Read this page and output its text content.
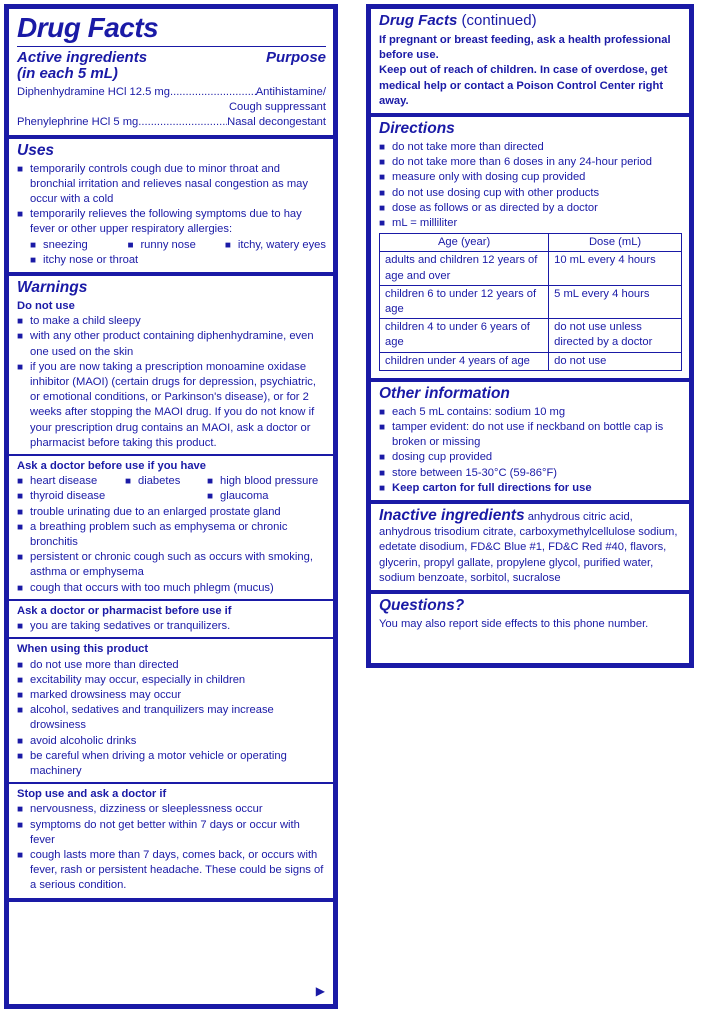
Drug Facts
Active ingredients	Purpose
(in each 5 mL)
Diphenhydramine HCl 12.5 mg .....	Antihistamine/
Cough suppressant
Phenylephrine HCl 5 mg .....	Nasal decongestant
Uses
■ temporarily controls cough due to minor throat and bronchial irritation and relieves nasal congestion as may occur with a cold
■ temporarily relieves the following symptoms due to hay fever or other upper respiratory allergies:
■ sneezing	■ runny nose	■ itchy, watery eyes
■ itchy nose or throat
Warnings
Do not use
■ to make a child sleepy
■ with any other product containing diphenhydramine, even one used on the skin
■ if you are now taking a prescription monoamine oxidase inhibitor (MAOI) (certain drugs for depression, psychiatric, or emotional conditions, or Parkinson's disease), or for 2 weeks after stopping the MAOI drug. If you do not know if your prescription drug contains an MAOI, ask a doctor or pharmacist before taking this product.
Ask a doctor before use if you have
■ heart disease	■ diabetes	■ high blood pressure
■ thyroid disease	■ glaucoma
■ trouble urinating due to an enlarged prostate gland
■ a breathing problem such as emphysema or chronic bronchitis
■ persistent or chronic cough such as occurs with smoking, asthma or emphysema
■ cough that occurs with too much phlegm (mucus)
Ask a doctor or pharmacist before use if
■ you are taking sedatives or tranquilizers.
When using this product
■ do not use more than directed
■ excitability may occur, especially in children
■ marked drowsiness may occur
■ alcohol, sedatives and tranquilizers may increase drowsiness
■ avoid alcoholic drinks
■ be careful when driving a motor vehicle or operating machinery
Stop use and ask a doctor if
■ nervousness, dizziness or sleeplessness occur
■ symptoms do not get better within 7 days or occur with fever
■ cough lasts more than 7 days, comes back, or occurs with fever, rash or persistent headache. These could be signs of a serious condition.
▶
Drug Facts (continued)
If pregnant or breast feeding, ask a health professional before use.
Keep out of reach of children. In case of overdose, get medical help or contact a Poison Control Center right away.
Directions
■ do not take more than directed
■ do not take more than 6 doses in any 24-hour period
■ measure only with dosing cup provided
■ do not use dosing cup with other products
■ dose as follows or as directed by a doctor
■ mL = milliliter
Age (year)	Dose (mL)
adults and children 12 years of age and over	10 mL every 4 hours
children 6 to under 12 years of age	5 mL every 4 hours
children 4 to under 6 years of age	do not use unless directed by a doctor
children under 4 years of age	do not use
Other information
■ each 5 mL contains: sodium 10 mg
■ tamper evident: do not use if neckband on bottle cap is broken or missing
■ dosing cup provided
■ store between 15-30°C (59-86°F)
■ Keep carton for full directions for use
Inactive ingredients anhydrous citric acid, anhydrous trisodium citrate, carboxymethylcellulose sodium, edetate disodium, FD&C Blue #1, FD&C Red #40, flavors, glycerin, propyl gallate, propylene glycol, purified water, sodium benzoate, sorbitol, sucralose
Questions?
You may also report side effects to this phone number.
